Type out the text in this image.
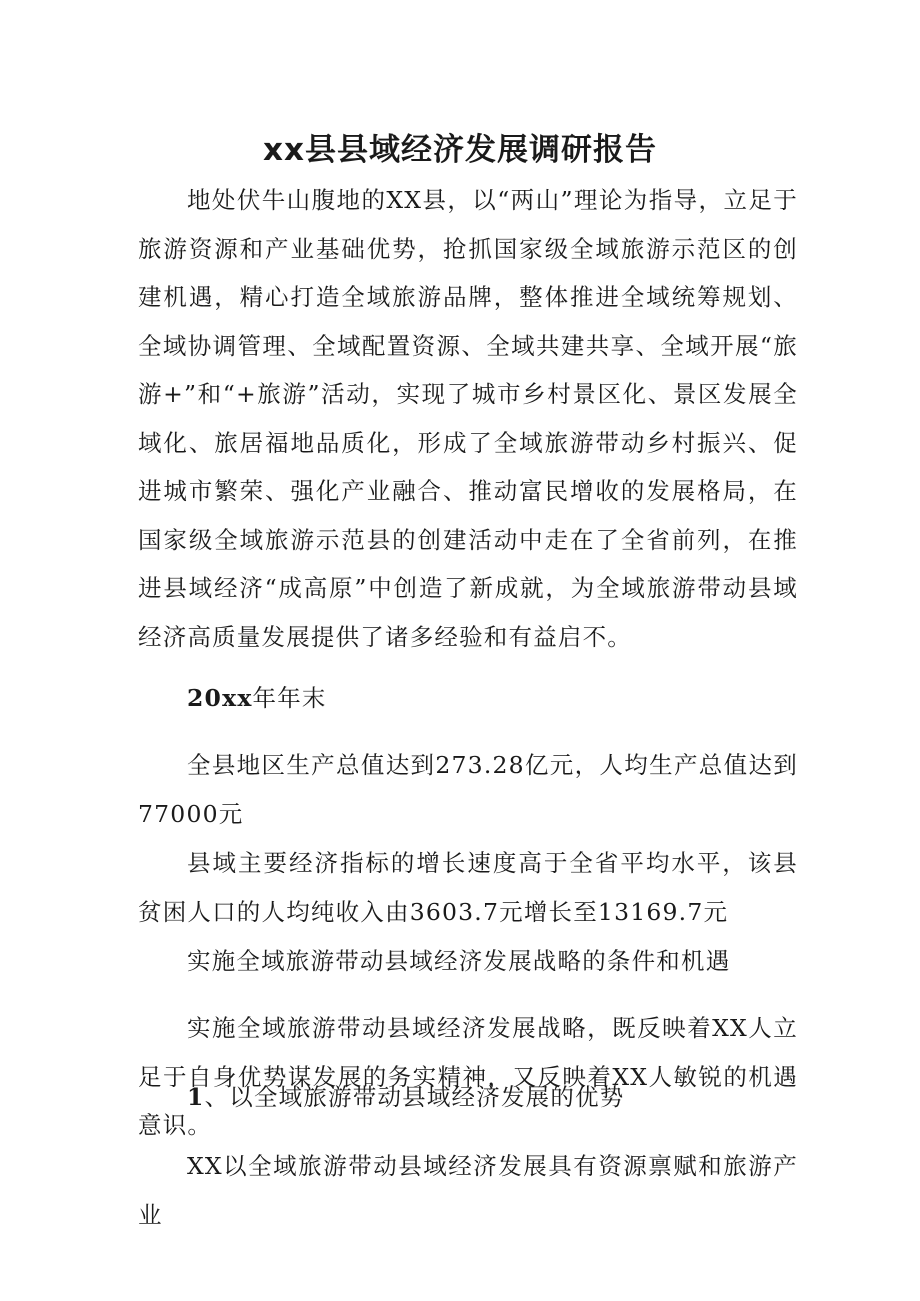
xx县县域经济发展调研报告

地处伏牛山腹地的XX县，以“两山”理论为指导，立足于旅游资源和产业基础优势，抢抓国家级全域旅游示范区的创建机遇，精心打造全域旅游品牌，整体推进全域统筹规划、全域协调管理、全域配置资源、全域共建共享、全域开展“旅游+”和“+旅游”活动，实现了城市乡村景区化、景区发展全域化、旅居福地品质化，形成了全域旅游带动乡村振兴、促进城市繁荣、强化产业融合、推动富民增收的发展格局，在国家级全域旅游示范县的创建活动中走在了全省前列，在推进县域经济“成高原”中创造了新成就，为全域旅游带动县域经济高质量发展提供了诸多经验和有益启不。

20xx年年末

全县地区生产总值达到273.28亿元，人均生产总值达到77000元

县域主要经济指标的增长速度高于全省平均水平，该县贫困人口的人均纯收入由3603.7元增长至13169.7元

实施全域旅游带动县域经济发展战略的条件和机遇

实施全域旅游带动县域经济发展战略，既反映着XX人立足于自身优势谋发展的务实精神，又反映着XX人敏锐的机遇意识。

1、以全域旅游带动县域经济发展的优势

XX以全域旅游带动县域经济发展具有资源禀赋和旅游产业
